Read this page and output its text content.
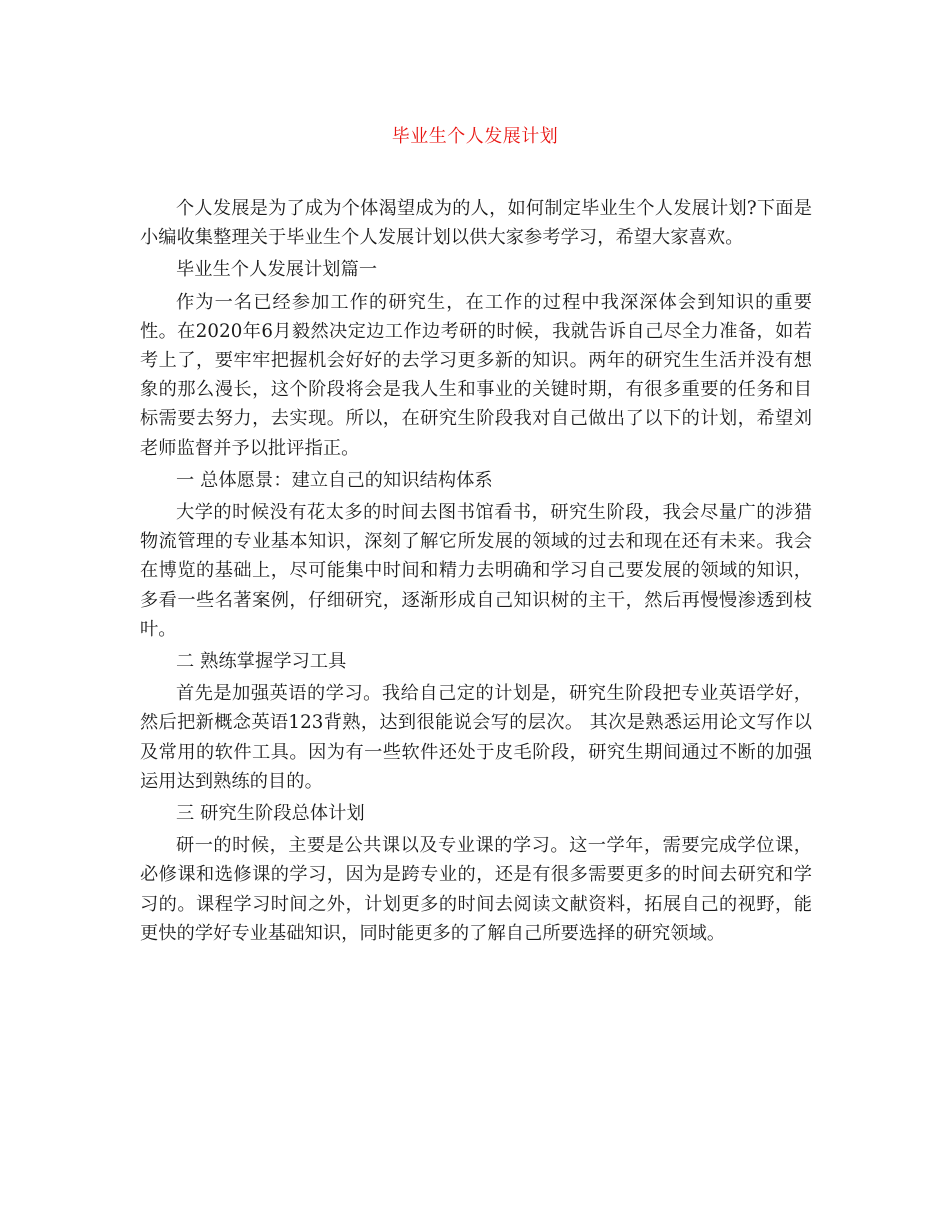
毕业生个人发展计划

个人发展是为了成为个体渴望成为的人，如何制定毕业生个人发展计划?下面是小编收集整理关于毕业生个人发展计划以供大家参考学习，希望大家喜欢。

毕业生个人发展计划篇一

作为一名已经参加工作的研究生，在工作的过程中我深深体会到知识的重要性。在2020年6月毅然决定边工作边考研的时候，我就告诉自己尽全力准备，如若考上了，要牢牢把握机会好好的去学习更多新的知识。两年的研究生生活并没有想象的那么漫长，这个阶段将会是我人生和事业的关键时期，有很多重要的任务和目标需要去努力，去实现。所以，在研究生阶段我对自己做出了以下的计划，希望刘老师监督并予以批评指正。

一 总体愿景：建立自己的知识结构体系

大学的时候没有花太多的时间去图书馆看书，研究生阶段，我会尽量广的涉猎物流管理的专业基本知识，深刻了解它所发展的领域的过去和现在还有未来。我会在博览的基础上，尽可能集中时间和精力去明确和学习自己要发展的领域的知识，多看一些名著案例，仔细研究，逐渐形成自己知识树的主干，然后再慢慢渗透到枝叶。

二 熟练掌握学习工具

首先是加强英语的学习。我给自己定的计划是，研究生阶段把专业英语学好，然后把新概念英语123背熟，达到很能说会写的层次。 其次是熟悉运用论文写作以及常用的软件工具。因为有一些软件还处于皮毛阶段，研究生期间通过不断的加强运用达到熟练的目的。

三 研究生阶段总体计划

研一的时候，主要是公共课以及专业课的学习。这一学年，需要完成学位课，必修课和选修课的学习，因为是跨专业的，还是有很多需要更多的时间去研究和学习的。课程学习时间之外，计划更多的时间去阅读文献资料，拓展自己的视野，能更快的学好专业基础知识，同时能更多的了解自己所要选择的研究领域。
